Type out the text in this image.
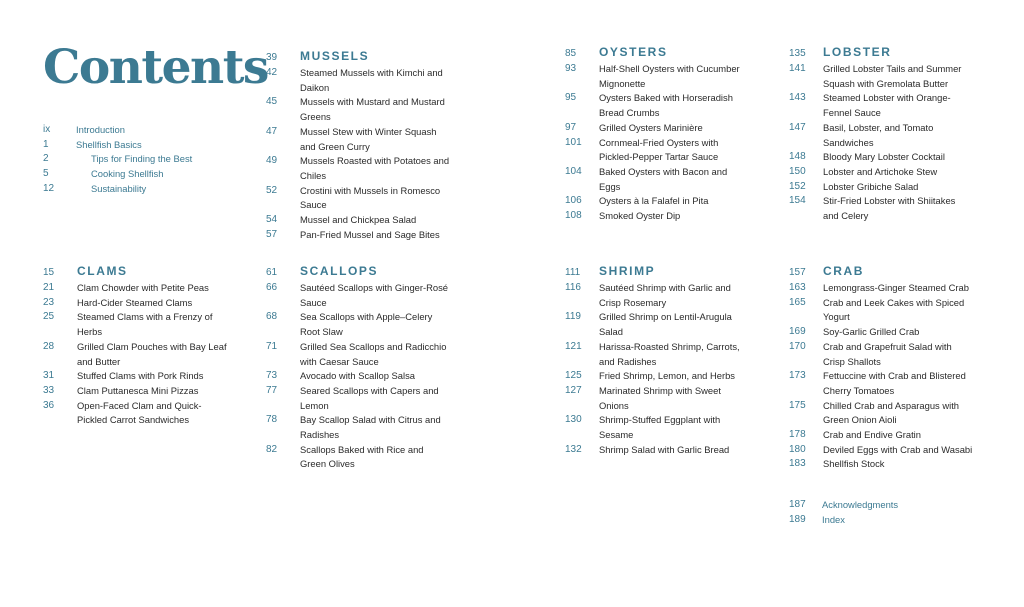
Contents
ix	Introduction
1	Shellfish Basics
2	Tips for Finding the Best
5	Cooking Shellfish
12	Sustainability
39	MUSSELS
42	Steamed Mussels with Kimchi and Daikon
45	Mussels with Mustard and Mustard Greens
47	Mussel Stew with Winter Squash and Green Curry
49	Mussels Roasted with Potatoes and Chiles
52	Crostini with Mussels in Romesco Sauce
54	Mussel and Chickpea Salad
57	Pan-Fried Mussel and Sage Bites
85	OYSTERS
93	Half-Shell Oysters with Cucumber Mignonette
95	Oysters Baked with Horseradish Bread Crumbs
97	Grilled Oysters Marinière
101	Cornmeal-Fried Oysters with Pickled-Pepper Tartar Sauce
104	Baked Oysters with Bacon and Eggs
106	Oysters à la Falafel in Pita
108	Smoked Oyster Dip
135	LOBSTER
141	Grilled Lobster Tails and Summer Squash with Gremolata Butter
143	Steamed Lobster with Orange-Fennel Sauce
147	Basil, Lobster, and Tomato Sandwiches
148	Bloody Mary Lobster Cocktail
150	Lobster and Artichoke Stew
152	Lobster Gribiche Salad
154	Stir-Fried Lobster with Shiitakes and Celery
15	CLAMS
21	Clam Chowder with Petite Peas
23	Hard-Cider Steamed Clams
25	Steamed Clams with a Frenzy of Herbs
28	Grilled Clam Pouches with Bay Leaf and Butter
31	Stuffed Clams with Pork Rinds
33	Clam Puttanesca Mini Pizzas
36	Open-Faced Clam and Quick-Pickled Carrot Sandwiches
61	SCALLOPS
66	Sautéed Scallops with Ginger-Rosé Sauce
68	Sea Scallops with Apple–Celery Root Slaw
71	Grilled Sea Scallops and Radicchio with Caesar Sauce
73	Avocado with Scallop Salsa
77	Seared Scallops with Capers and Lemon
78	Bay Scallop Salad with Citrus and Radishes
82	Scallops Baked with Rice and Green Olives
111	SHRIMP
116	Sautéed Shrimp with Garlic and Crisp Rosemary
119	Grilled Shrimp on Lentil-Arugula Salad
121	Harissa-Roasted Shrimp, Carrots, and Radishes
125	Fried Shrimp, Lemon, and Herbs
127	Marinated Shrimp with Sweet Onions
130	Shrimp-Stuffed Eggplant with Sesame
132	Shrimp Salad with Garlic Bread
157	CRAB
163	Lemongrass-Ginger Steamed Crab
165	Crab and Leek Cakes with Spiced Yogurt
169	Soy-Garlic Grilled Crab
170	Crab and Grapefruit Salad with Crisp Shallots
173	Fettuccine with Crab and Blistered Cherry Tomatoes
175	Chilled Crab and Asparagus with Green Onion Aioli
178	Crab and Endive Gratin
180	Deviled Eggs with Crab and Wasabi
183	Shellfish Stock
187	Acknowledgments
189	Index
